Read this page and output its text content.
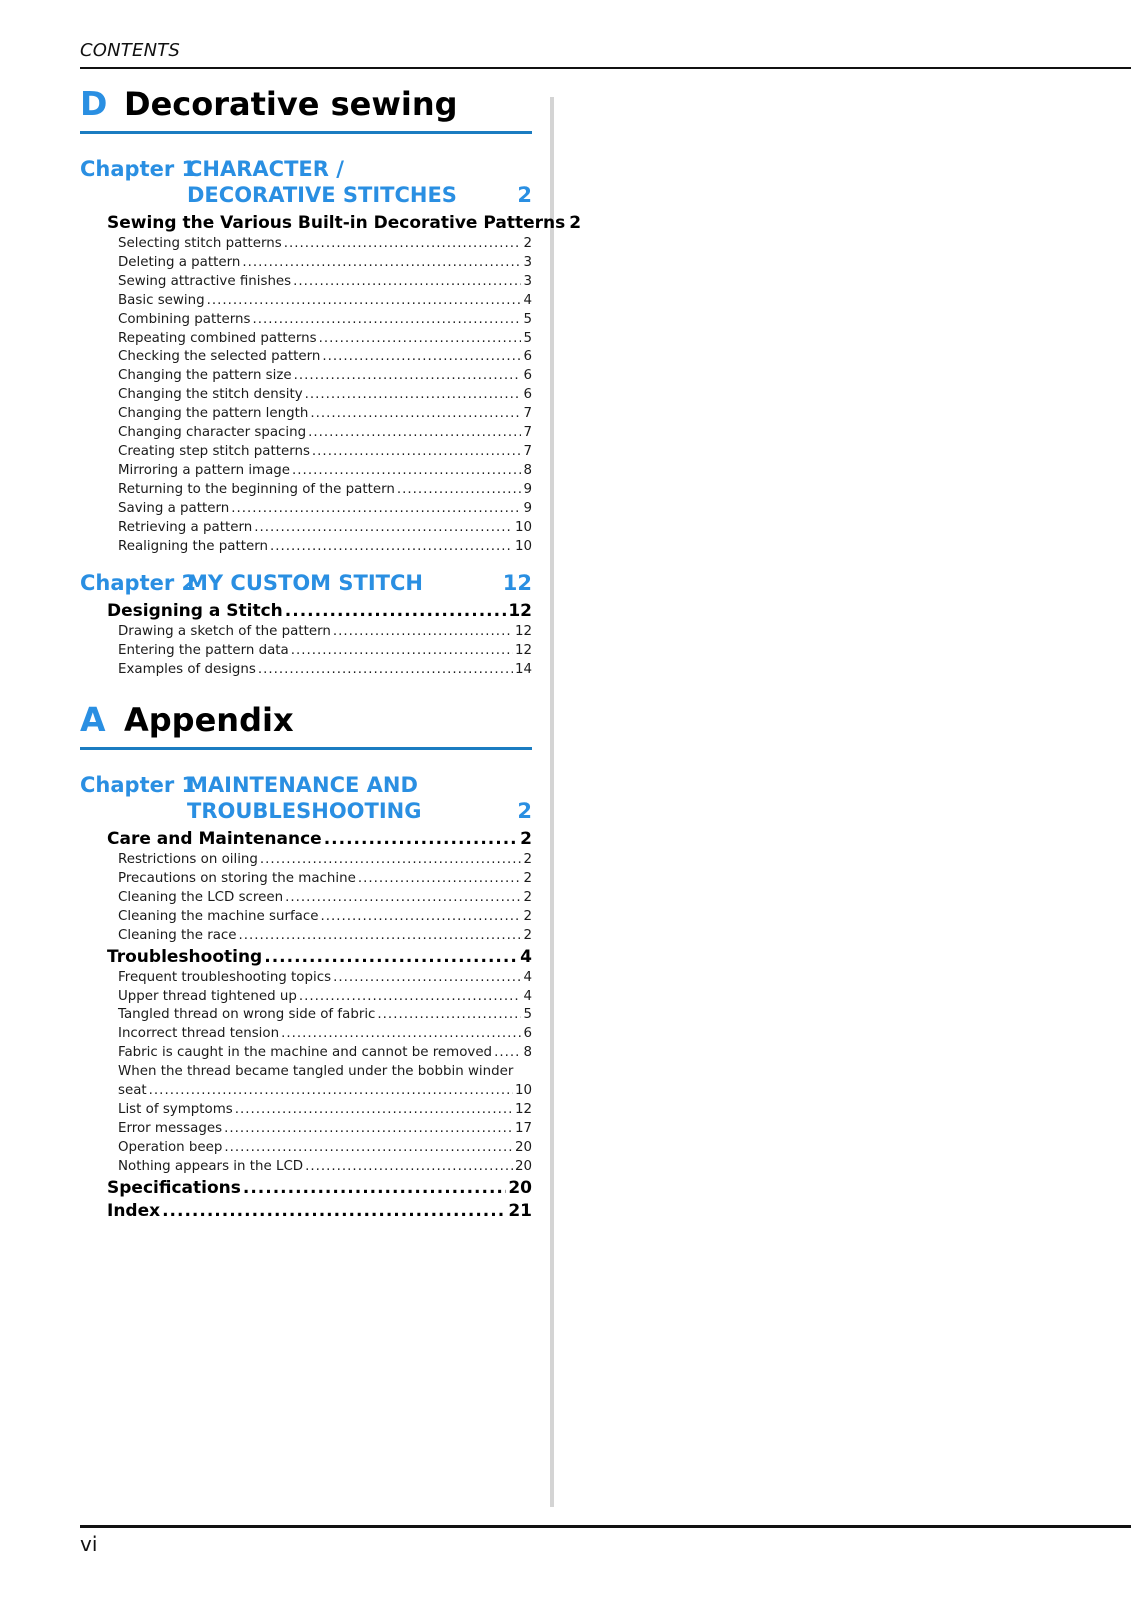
CONTENTS
D Decorative sewing
Chapter 1
CHARACTER / DECORATIVE STITCHES	2
Sewing the Various Built-in Decorative Patterns 2
Selecting stitch patterns .....	2
Deleting a pattern .....	3
Sewing attractive finishes .....	3
Basic sewing .....	4
Combining patterns .....	5
Repeating combined patterns .....	5
Checking the selected pattern .....	6
Changing the pattern size .....	6
Changing the stitch density .....	6
Changing the pattern length .....	7
Changing character spacing .....	7
Creating step stitch patterns .....	7
Mirroring a pattern image .....	8
Returning to the beginning of the pattern .....	9
Saving a pattern .....	9
Retrieving a pattern .....	10
Realigning the pattern .....	10
Chapter 2
MY CUSTOM STITCH	12
Designing a Stitch .....	12
Drawing a sketch of the pattern .....	12
Entering the pattern data .....	12
Examples of designs .....	14
A Appendix
Chapter 1
MAINTENANCE AND TROUBLESHOOTING	2
Care and Maintenance .....	2
Restrictions on oiling .....	2
Precautions on storing the machine .....	2
Cleaning the LCD screen .....	2
Cleaning the machine surface .....	2
Cleaning the race .....	2
Troubleshooting .....	4
Frequent troubleshooting topics .....	4
Upper thread tightened up .....	4
Tangled thread on wrong side of fabric .....	5
Incorrect thread tension .....	6
Fabric is caught in the machine and cannot be removed ..... 8
When the thread became tangled under the bobbin winder
seat .....	10
List of symptoms .....	12
Error messages .....	17
Operation beep .....	20
Nothing appears in the LCD .....	20
Specifications .....	20
Index .....	21
vi
